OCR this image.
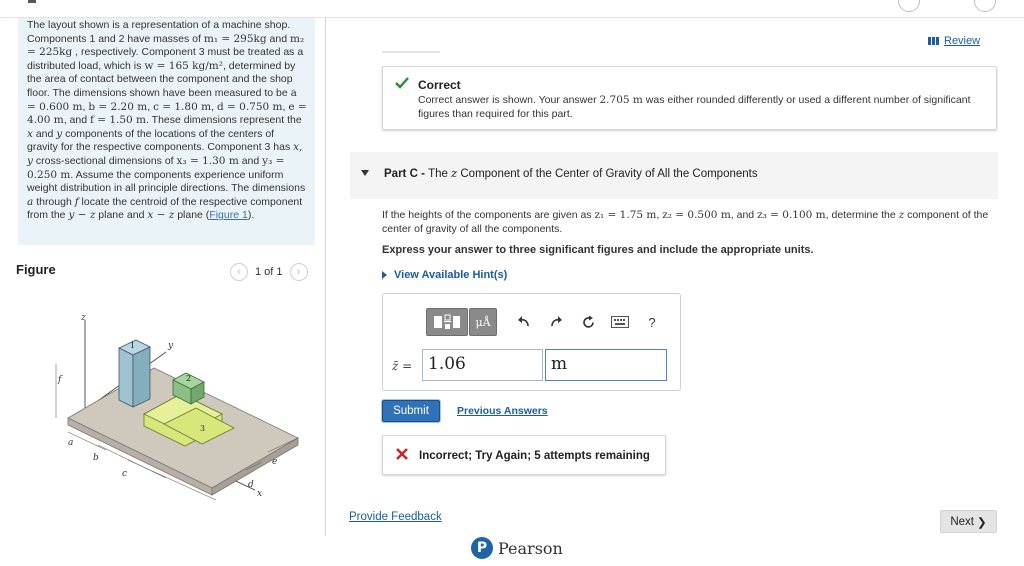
The layout shown is a representation of a machine shop. Components 1 and 2 have masses of m₁ = 295kg and m₂ = 225kg , respectively. Component 3 must be treated as a distributed load, which is w = 165 kg/m², determined by the area of contact between the component and the shop floor. The dimensions shown have been measured to be a = 0.600 m, b = 2.20 m, c = 1.80 m, d = 0.750 m, e = 4.00 m, and f = 1.50 m. These dimensions represent the x and y components of the locations of the centers of gravity for the respective components. Component 3 has x, y cross-sectional dimensions of x₃ = 1.30 m and y₃ = 0.250 m. Assume the components experience uniform weight distribution in all principle directions. The dimensions a through f locate the centroid of the respective component from the y − z plane and x − z plane (Figure 1).
Figure	‹	1 of 1	›
z
y
x
3
1
2
f
a
b
c
d
e
Review
Correct
Correct answer is shown. Your answer 2.705 m was either rounded differently or used a different number of significant figures than required for this part.
Part C - The z Component of the Center of Gravity of All the Components
If the heights of the components are given as z₁ = 1.75 m, z₂ = 0.500 m, and z₃ = 0.100 m, determine the z component of the center of gravity of all the components.
Express your answer to three significant figures and include the appropriate units.
View Available Hint(s)
μÅ	?
z̄ = 1.06	m
Submit	Previous Answers
Incorrect; Try Again; 5 attempts remaining
Provide Feedback	Next ❯
P Pearson
